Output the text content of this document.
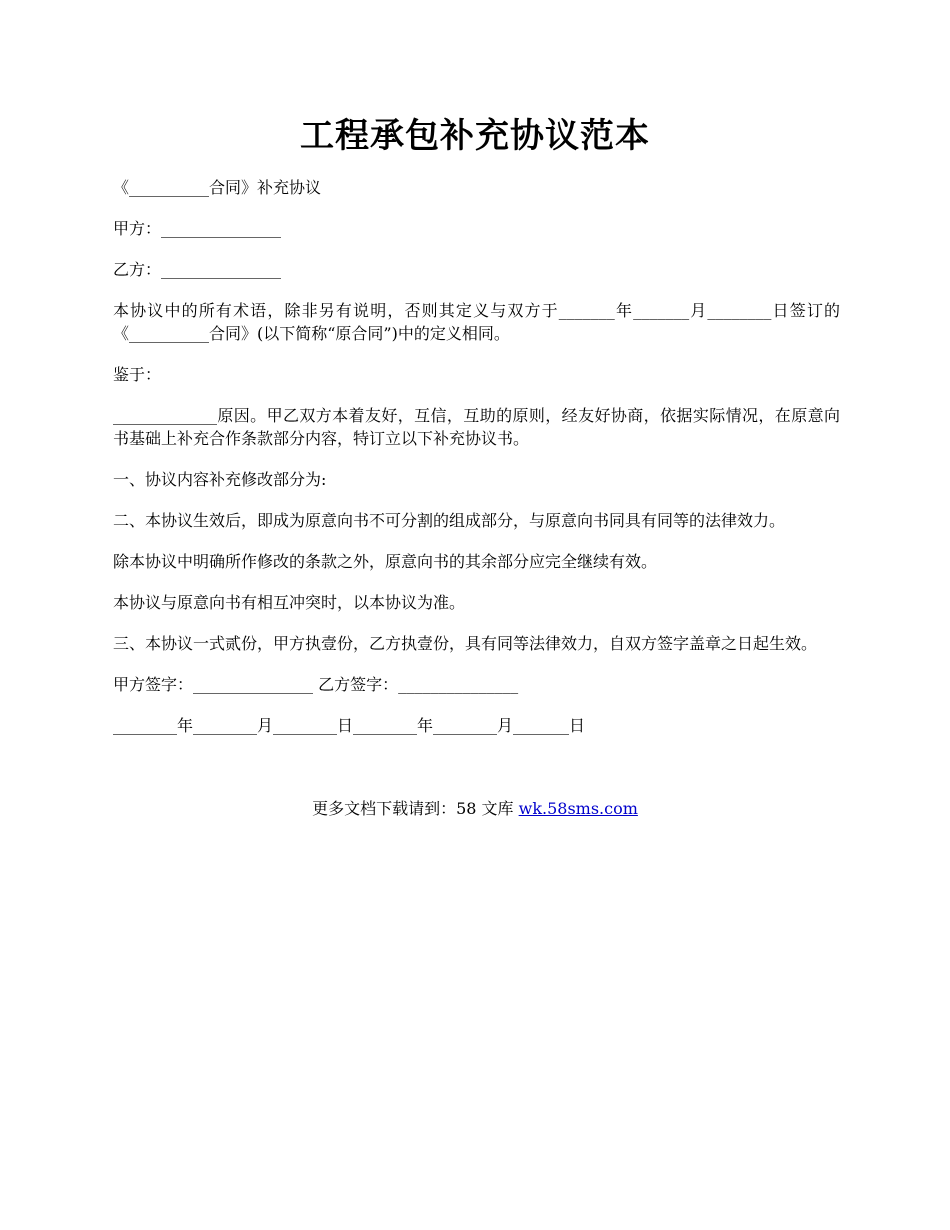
工程承包补充协议范本

《__________合同》补充协议

甲方：_______________

乙方：_______________

本协议中的所有术语，除非另有说明，否则其定义与双方于_______年_______月________日签订的《__________合同》(以下简称“原合同”)中的定义相同。

鉴于：

_____________原因。甲乙双方本着友好，互信，互助的原则，经友好协商，依据实际情况，在原意向书基础上补充合作条款部分内容，特订立以下补充协议书。

一、协议内容补充修改部分为:

二、本协议生效后，即成为原意向书不可分割的组成部分，与原意向书同具有同等的法律效力。

除本协议中明确所作修改的条款之外，原意向书的其余部分应完全继续有效。

本协议与原意向书有相互冲突时，以本协议为准。

三、本协议一式贰份，甲方执壹份，乙方执壹份，具有同等法律效力，自双方签字盖章之日起生效。

甲方签字：_______________ 乙方签字：_______________

________年________月________日________年________月_______日

更多文档下载请到：58 文库 wk.58sms.com
